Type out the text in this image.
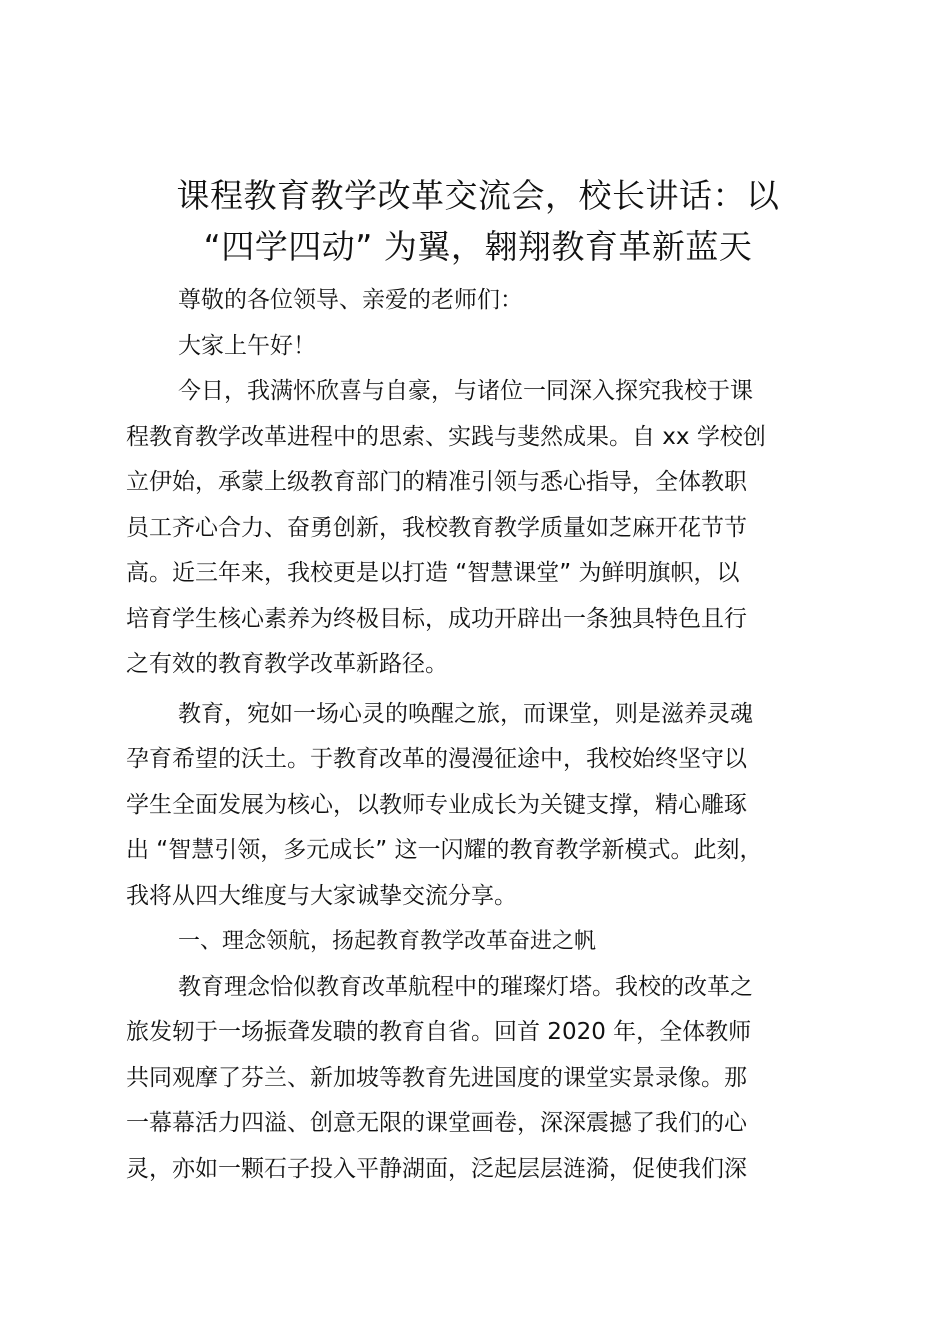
课程教育教学改革交流会，校长讲话：以
“四学四动” 为翼，翱翔教育革新蓝天
尊敬的各位领导、亲爱的老师们：
大家上午好！
今日，我满怀欣喜与自豪，与诸位一同深入探究我校于课
程教育教学改革进程中的思索、实践与斐然成果。自 xx 学校创
立伊始，承蒙上级教育部门的精准引领与悉心指导，全体教职
员工齐心合力、奋勇创新，我校教育教学质量如芝麻开花节节
高。近三年来，我校更是以打造 “智慧课堂” 为鲜明旗帜，以
培育学生核心素养为终极目标，成功开辟出一条独具特色且行
之有效的教育教学改革新路径。
教育，宛如一场心灵的唤醒之旅，而课堂，则是滋养灵魂
孕育希望的沃土。于教育改革的漫漫征途中，我校始终坚守以
学生全面发展为核心，以教师专业成长为关键支撑，精心雕琢
出 “智慧引领，多元成长” 这一闪耀的教育教学新模式。此刻，
我将从四大维度与大家诚挚交流分享。
一、理念领航，扬起教育教学改革奋进之帆
教育理念恰似教育改革航程中的璀璨灯塔。我校的改革之
旅发轫于一场振聋发聩的教育自省。回首 2020 年，全体教师
共同观摩了芬兰、新加坡等教育先进国度的课堂实景录像。那
一幕幕活力四溢、创意无限的课堂画卷，深深震撼了我们的心
灵，亦如一颗石子投入平静湖面，泛起层层涟漪，促使我们深
